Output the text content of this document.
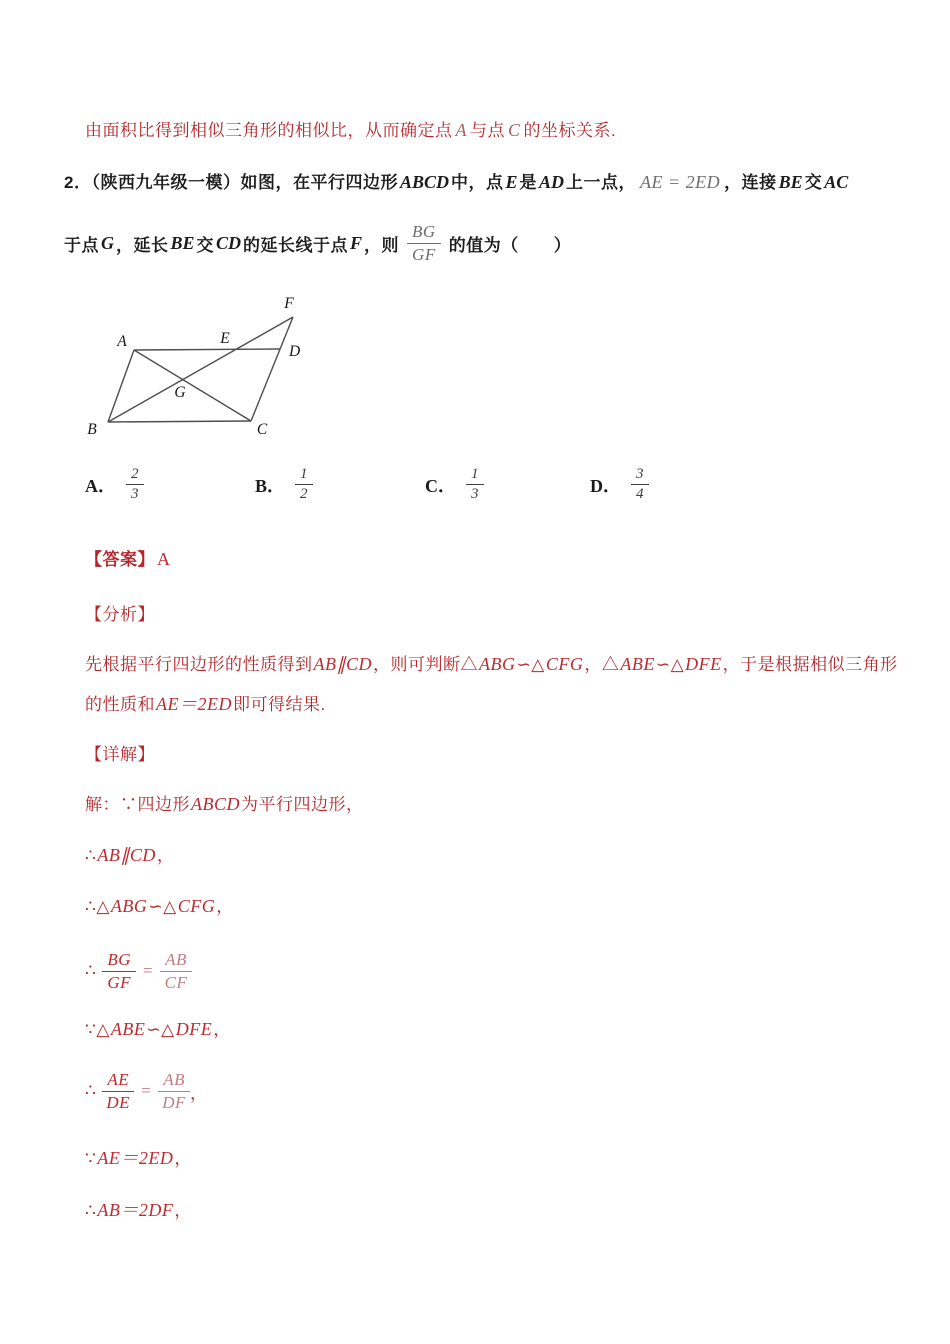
由面积比得到相似三角形的相似比，从而确定点 A 与点 C 的坐标关系.
2．（陕西九年级一模）如图，在平行四边形 ABCD 中，点 E 是 AD 上一点， AE = 2ED ，连接 BE 交 AC
于点 G ，延长 BE 交 CD 的延长线于点 F ，则 $\frac{BG}{GF}$ 的值为（　　）
A	E
D
F
G
B	C
A． $\frac{2}{3}$	B． $\frac{1}{2}$	C． $\frac{1}{3}$	D． $\frac{3}{4}$
【答案】 A
【分析】
先根据平行四边形的性质得到AB∥CD，则可判断△ABG∽△CFG，△ABE∽△DFE，于是根据相似三角形
的性质和AE＝2ED即可得结果.
【详解】
解：∵四边形ABCD为平行四边形，
∴AB∥CD，
∴△ABG∽△CFG，
∴ $\frac{BG}{GF} = \frac{AB}{CF}$
∵△ABE∽△DFE，
∴ $\frac{AE}{DE} = \frac{AB}{DF}$ ，
∵AE＝2ED，
∴AB＝2DF，
